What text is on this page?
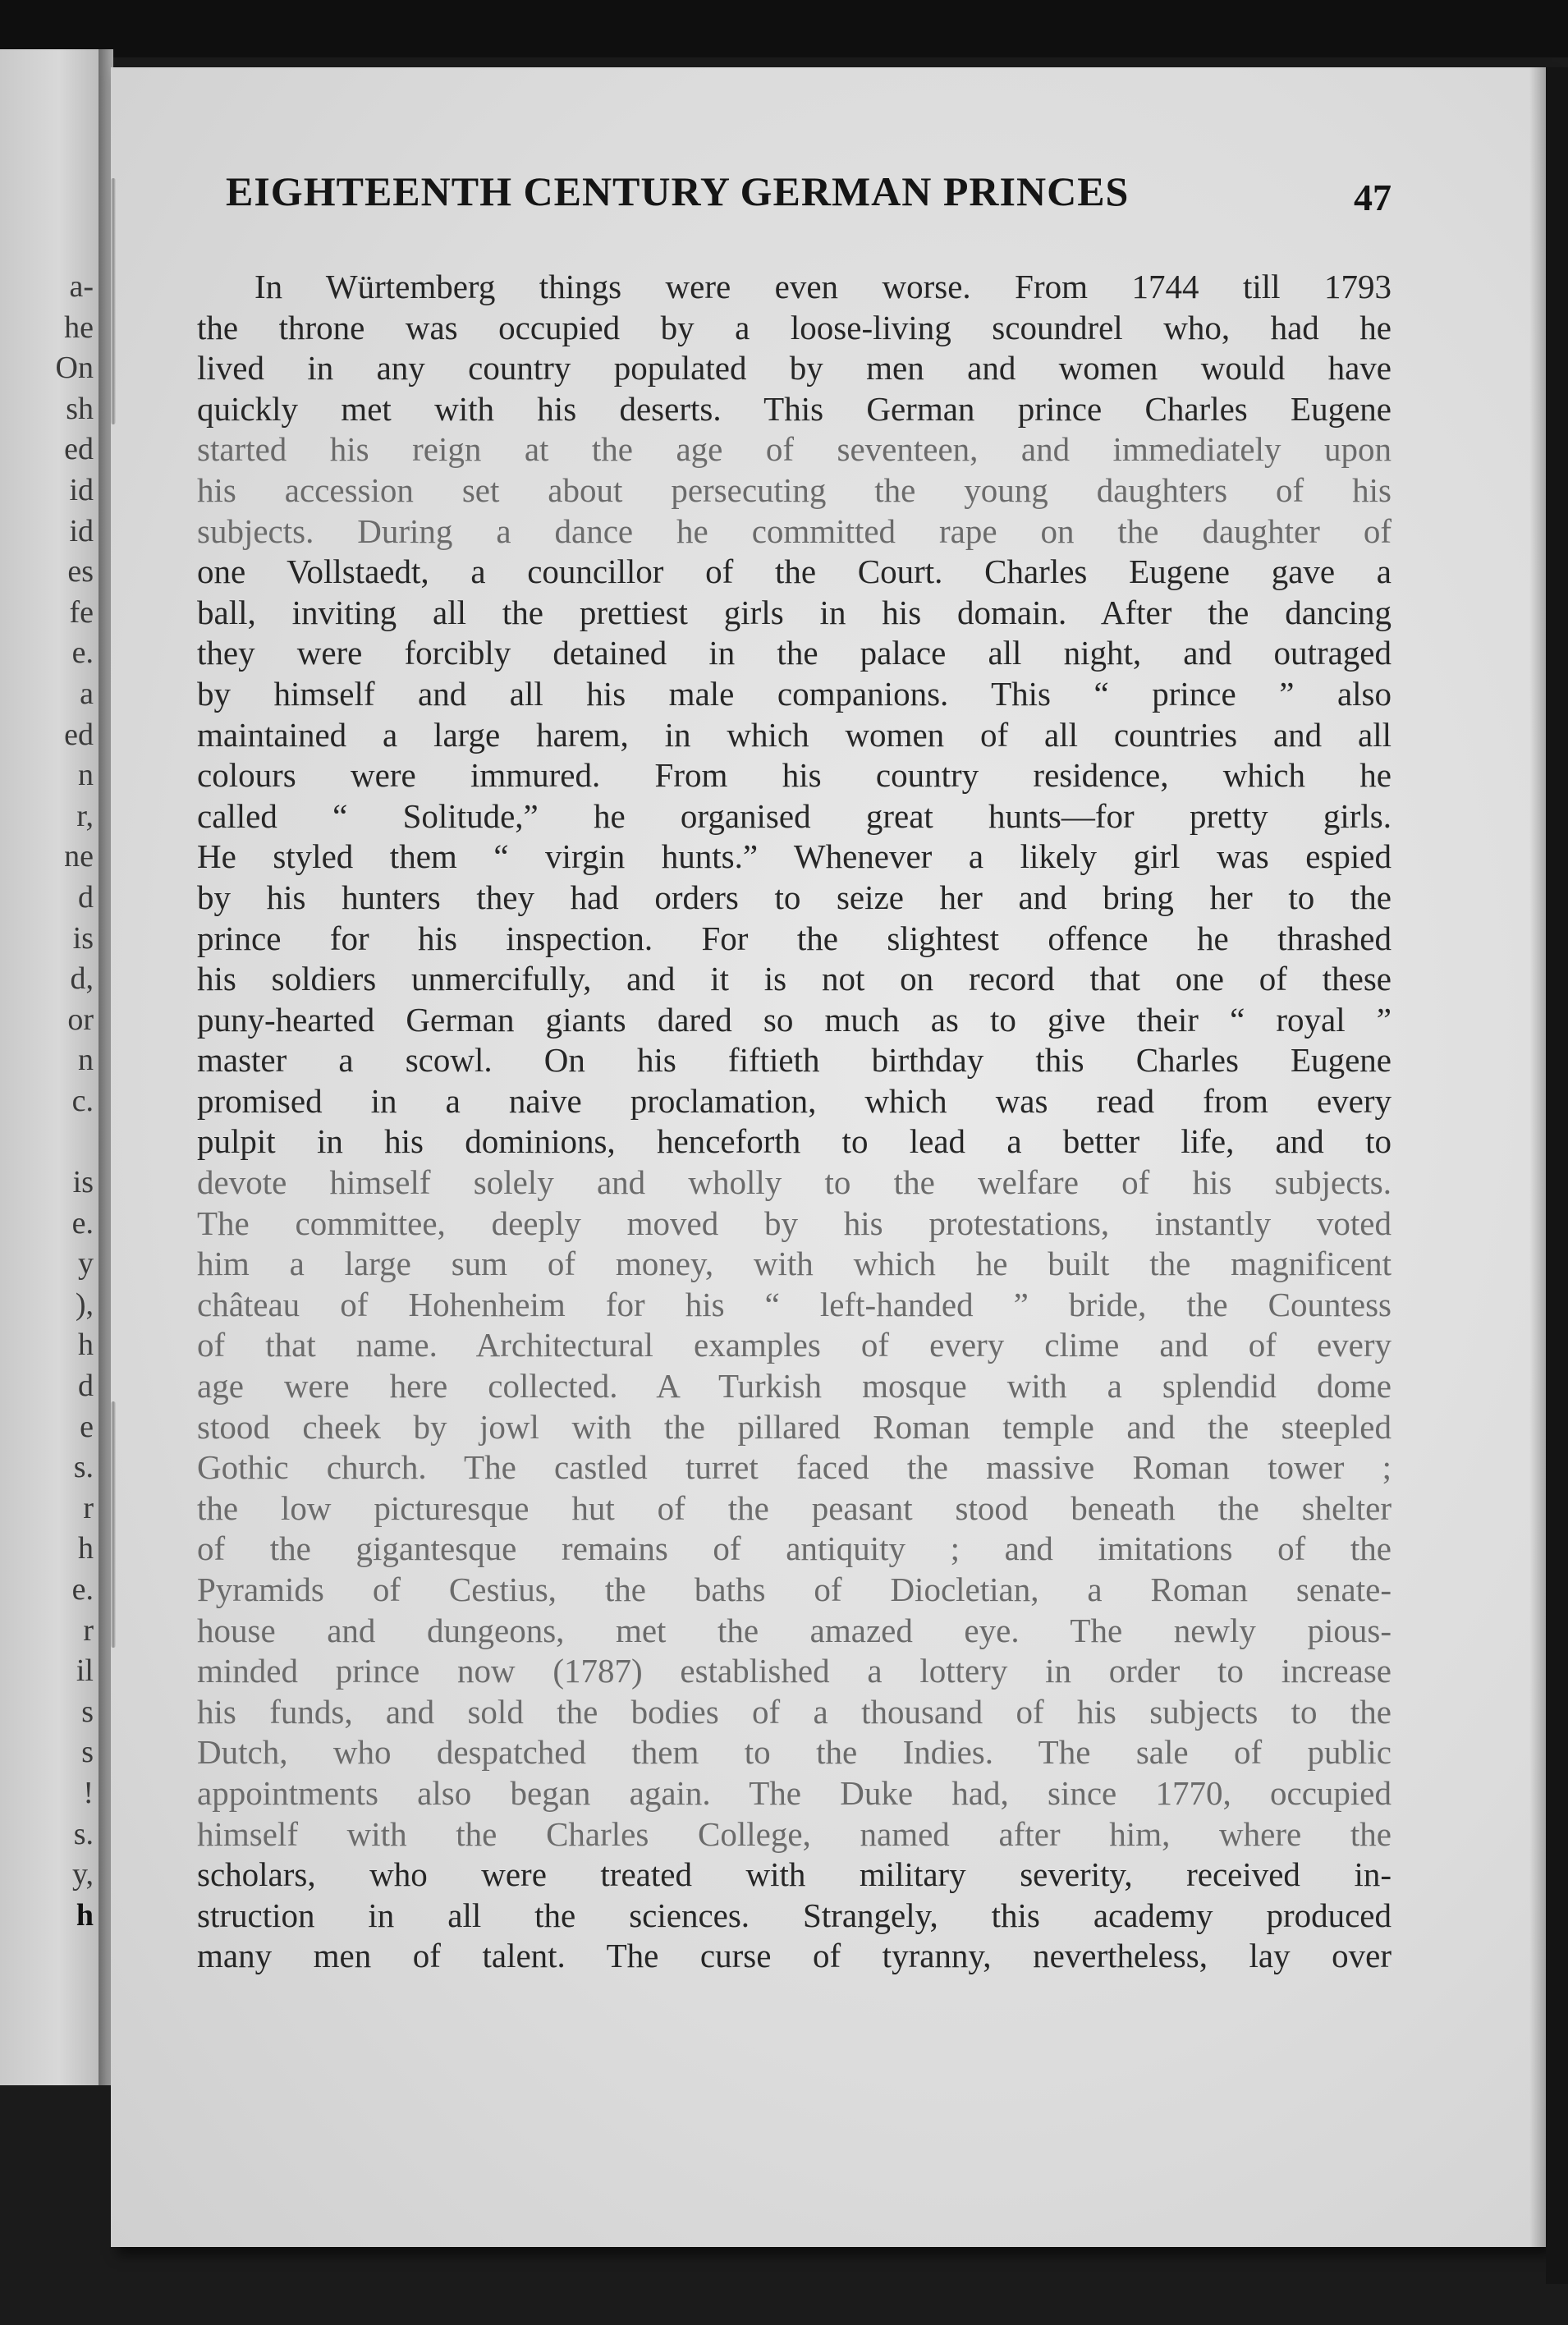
a-
he
On
sh
ed
id
id
es
fe
e.
a
ed
n
r,
ne
d
is
d,
or
n
c.
is
e.
y
),
h
d
e
s.
r
h
e.
r
il
s
s
!
s.
y,
h
EIGHTEENTH CENTURY GERMAN PRINCES	47
In Würtemberg things were even worse. From 1744 till 1793
the throne was occupied by a loose-living scoundrel who, had he
lived in any country populated by men and women would have
quickly met with his deserts. This German prince Charles Eugene
started his reign at the age of seventeen, and immediately upon
his accession set about persecuting the young daughters of his
subjects. During a dance he committed rape on the daughter of
one Vollstaedt, a councillor of the Court. Charles Eugene gave a
ball, inviting all the prettiest girls in his domain. After the dancing
they were forcibly detained in the palace all night, and outraged
by himself and all his male companions. This “ prince ” also
maintained a large harem, in which women of all countries and all
colours were immured. From his country residence, which he
called “ Solitude,” he organised great hunts—for pretty girls.
He styled them “ virgin hunts.” Whenever a likely girl was espied
by his hunters they had orders to seize her and bring her to the
prince for his inspection. For the slightest offence he thrashed
his soldiers unmercifully, and it is not on record that one of these
puny-hearted German giants dared so much as to give their “ royal ”
master a scowl. On his fiftieth birthday this Charles Eugene
promised in a naive proclamation, which was read from every
pulpit in his dominions, henceforth to lead a better life, and to
devote himself solely and wholly to the welfare of his subjects.
The committee, deeply moved by his protestations, instantly voted
him a large sum of money, with which he built the magnificent
château of Hohenheim for his “ left-handed ” bride, the Countess
of that name. Architectural examples of every clime and of every
age were here collected. A Turkish mosque with a splendid dome
stood cheek by jowl with the pillared Roman temple and the steepled
Gothic church. The castled turret faced the massive Roman tower ;
the low picturesque hut of the peasant stood beneath the shelter
of the gigantesque remains of antiquity ; and imitations of the
Pyramids of Cestius, the baths of Diocletian, a Roman senate-
house and dungeons, met the amazed eye. The newly pious-
minded prince now (1787) established a lottery in order to increase
his funds, and sold the bodies of a thousand of his subjects to the
Dutch, who despatched them to the Indies. The sale of public
appointments also began again. The Duke had, since 1770, occupied
himself with the Charles College, named after him, where the
scholars, who were treated with military severity, received in-
struction in all the sciences. Strangely, this academy produced
many men of talent. The curse of tyranny, nevertheless, lay over
